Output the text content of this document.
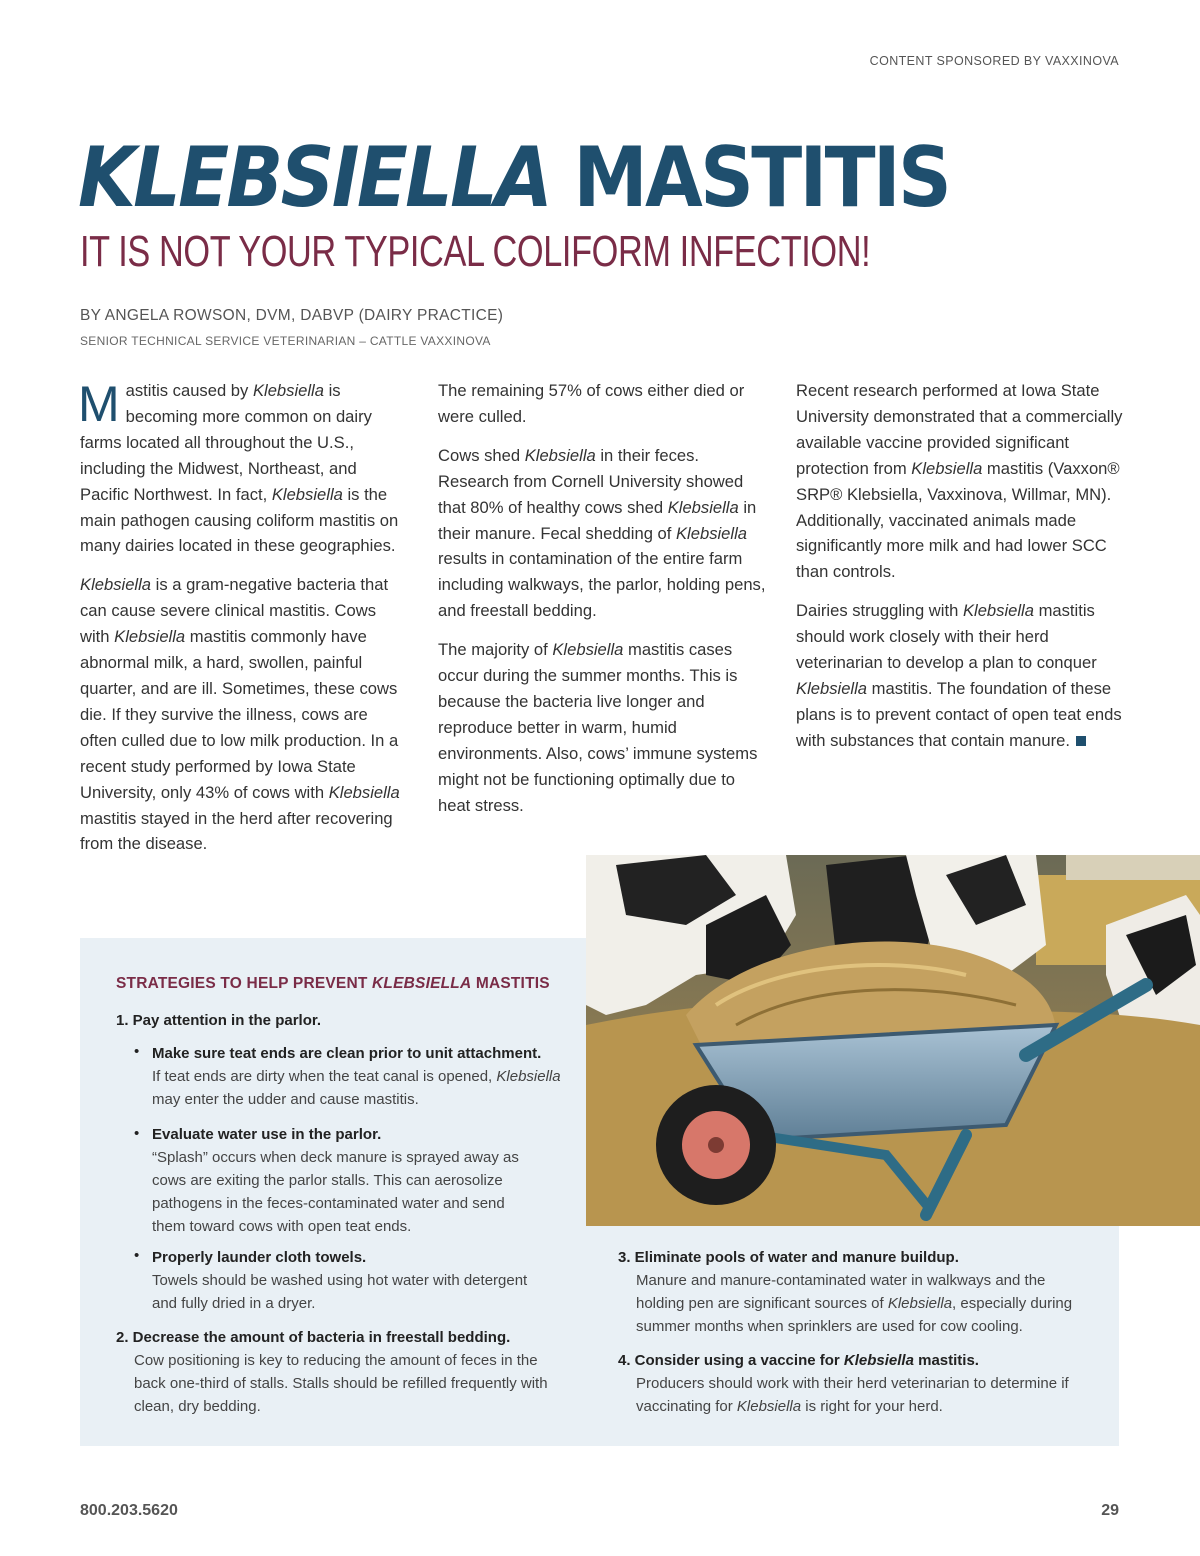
CONTENT SPONSORED BY VAXXINOVA
KLEBSIELLA MASTITIS
IT IS NOT YOUR TYPICAL COLIFORM INFECTION!
BY ANGELA ROWSON, DVM, DABVP (DAIRY PRACTICE)
SENIOR TECHNICAL SERVICE VETERINARIAN – CATTLE VAXXINOVA

Mastitis caused by Klebsiella is becoming more common on dairy farms located all throughout the U.S., including the Midwest, Northeast, and Pacific Northwest. In fact, Klebsiella is the main pathogen causing coliform mastitis on many dairies located in these geographies.

Klebsiella is a gram-negative bacteria that can cause severe clinical mastitis. Cows with Klebsiella mastitis commonly have abnormal milk, a hard, swollen, painful quarter, and are ill. Sometimes, these cows die. If they survive the illness, cows are often culled due to low milk production. In a recent study performed by Iowa State University, only 43% of cows with Klebsiella mastitis stayed in the herd after recovering from the disease.

The remaining 57% of cows either died or were culled.

Cows shed Klebsiella in their feces. Research from Cornell University showed that 80% of healthy cows shed Klebsiella in their manure. Fecal shedding of Klebsiella results in contamination of the entire farm including walkways, the parlor, holding pens, and freestall bedding.

The majority of Klebsiella mastitis cases occur during the summer months. This is because the bacteria live longer and reproduce better in warm, humid environments. Also, cows’ immune systems might not be functioning optimally due to heat stress.

Recent research performed at Iowa State University demonstrated that a commercially available vaccine provided significant protection from Klebsiella mastitis (Vaxxon® SRP® Klebsiella, Vaxxinova, Willmar, MN). Additionally, vaccinated animals made significantly more milk and had lower SCC than controls.

Dairies struggling with Klebsiella mastitis should work closely with their herd veterinarian to develop a plan to conquer Klebsiella mastitis. The foundation of these plans is to prevent contact of open teat ends with substances that contain manure.

STRATEGIES TO HELP PREVENT KLEBSIELLA MASTITIS
1. Pay attention in the parlor.
• Make sure teat ends are clean prior to unit attachment.
If teat ends are dirty when the teat canal is opened, Klebsiella may enter the udder and cause mastitis.
• Evaluate water use in the parlor.
“Splash” occurs when deck manure is sprayed away as cows are exiting the parlor stalls. This can aerosolize pathogens in the feces-contaminated water and send them toward cows with open teat ends.
• Properly launder cloth towels.
Towels should be washed using hot water with detergent and fully dried in a dryer.
2. Decrease the amount of bacteria in freestall bedding.
Cow positioning is key to reducing the amount of feces in the back one-third of stalls. Stalls should be refilled frequently with clean, dry bedding.
3. Eliminate pools of water and manure buildup.
Manure and manure-contaminated water in walkways and the holding pen are significant sources of Klebsiella, especially during summer months when sprinklers are used for cow cooling.
4. Consider using a vaccine for Klebsiella mastitis.
Producers should work with their herd veterinarian to determine if vaccinating for Klebsiella is right for your herd.
800.203.5620	29
